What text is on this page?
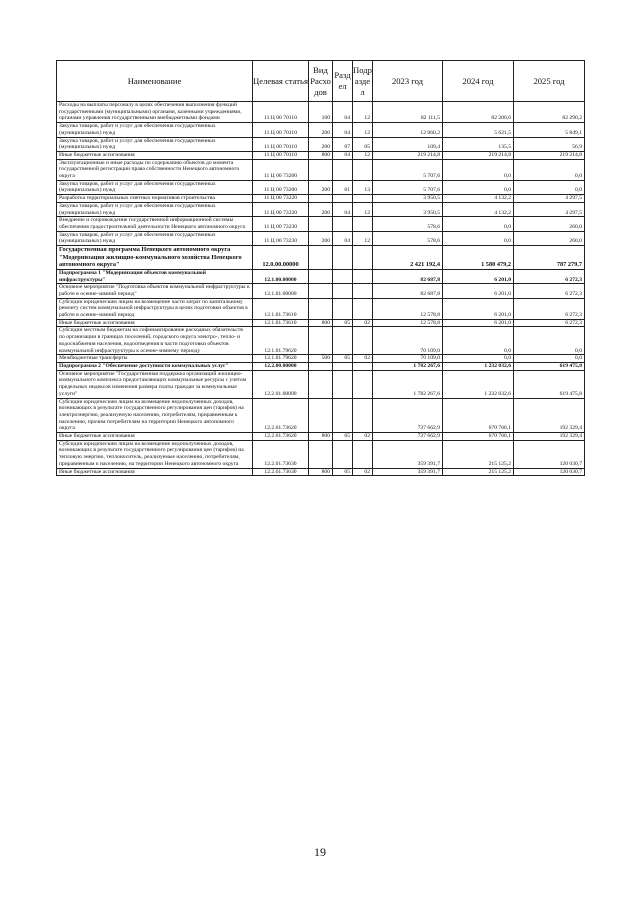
Наименование	Целевая статья	Вид Расхо дов	Разд ел	Подр азде л	2023 год	2024 год	2025 год
Расходы на выплаты персоналу в целях обеспечения выполнения функций государственными (муниципальными) органами, казенными учреждениями, органами управления государственными внебюджетными фондами	11 Ц 00 70110	100	04	12	82 111,5	82 200,6	82 290,2
Закупка товаров, работ и услуг для обеспечения государственных (муниципальных) нужд	11 Ц 00 70110	200	04	12	12 060,2	5 621,5	5 849,1
Закупка товаров, работ и услуг для обеспечения государственных (муниципальных) нужд	11 Ц 00 70110	200	07	05	109,4	135,5	56,9
Иные бюджетные ассигнования	11 Ц 00 70110	800	04	12	219 214,8	219 214,8	219 214,8
Эксплуатационные и иные расходы по содержанию объектов до момента государственной регистрации права собственности Ненецкого автономного округа	11 Ц 00 73200				5 707,6	0,0	0,0
Закупка товаров, работ и услуг для обеспечения государственных (муниципальных) нужд	11 Ц 00 73200	200	01	13	5 707,6	0,0	0,0
Разработка территориальных сметных нормативов строительства	11 Ц 00 73220				3 950,5	4 132,2	4 297,5
Закупка товаров, работ и услуг для обеспечения государственных (муниципальных) нужд	11 Ц 00 73220	200	04	12	3 950,5	4 132,2	4 297,5
Внедрение и сопровождение государственной информационной системы обеспечения градостроительной деятельности Ненецкого автономного округа	11 Ц 00 73230				578,6	0,0	260,0
Закупка товаров, работ и услуг для обеспечения государственных (муниципальных) нужд	11 Ц 00 73230	200	04	12	578,6	0,0	260,0
Государственная программа Ненецкого автономного округа "Модернизация жилищно-коммунального хозяйства Ненецкого автономного округа"	12.0.00.00000				2 421 192,4	1 580 479,2	787 279,7
Подпрограмма 1 "Модернизация объектов коммунальной инфраструктуры"	12.1.00.00000				82 687,8	6 201,0	6 272,3
Основное мероприятие "Подготовка объектов коммунальной инфраструктуры к работе в осенне-зимний период"	12.1.01.00000				82 687,8	6 201,0	6 272,3
Субсидии юридическим лицам на возмещение части затрат по капитальному ремонту систем коммунальной инфраструктуры в целях подготовки объектов к работе в осенне-зимний период	12.1.01.73610				12 578,8	6 201,0	6 272,3
Иные бюджетные ассигнования	12.1.01.73610	800	05	02	12 578,8	6 201,0	6 272,3
Субсидии местным бюджетам на софинансирование расходных обязательств по организации в границах поселений, городского округа электро-, тепло- и водоснабжения населения, водоотведения в части подготовки объектов коммунальной инфраструктуры к осенне-зимнему периоду	12.1.01.79620				70 109,0	0,0	0,0
Межбюджетные трансферты	12.1.01.79620	500	05	02	70 109,0	0,0	0,0
Подпрограмма 2 "Обеспечение доступности коммунальных услуг"	12.2.00.00000				1 782 267,6	1 232 032,6	619 475,8
Основное мероприятие "Государственная поддержка организаций жилищно-коммунального комплекса предоставляющих коммунальные ресурсы с учетом предельных индексов изменения размера платы граждан за коммунальные услуги"	12.2.01.00000				1 782 267,6	1 232 032,6	619 475,8
Субсидии юридическим лицам на возмещение недополученных доходов, возникающих в результате государственного регулирования цен (тарифов) на электроэнергию, реализуемую населению, потребителям, приравненным к населению, прочим потребителям на территории Ненецкого автономного округа	12.2.01.73620				737 662,9	670 766,1	192 329,4
Иные бюджетные ассигнования	12.2.01.73620	800	05	02	737 662,9	670 766,1	192 329,4
Субсидии юридическим лицам на возмещение недополученных доходов, возникающих в результате государственного регулирования цен (тарифов) на тепловую энергию, теплоноситель, реализуемые населению, потребителям, приравненным к населению, на территории Ненецкого автономного округа	12.2.01.73630				359 391,7	215 125,2	120 030,7
Иные бюджетные ассигнования	12.2.01.73630	800	05	02	359 391,7	215 125,2	120 030,7
19
